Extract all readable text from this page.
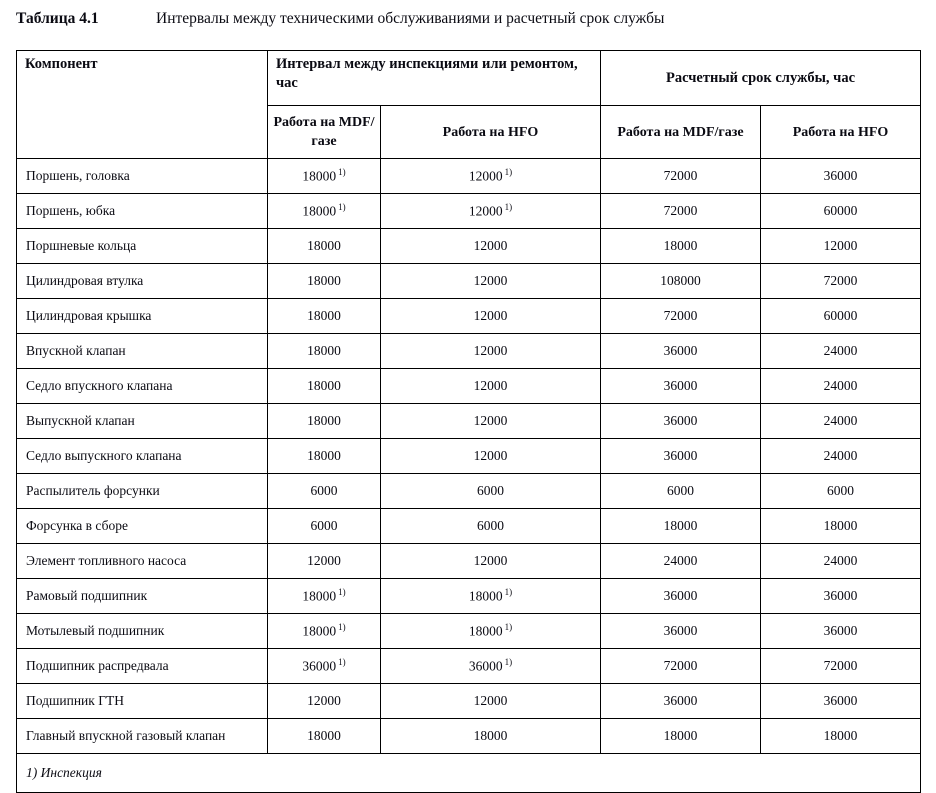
Таблица 4.1	Интервалы между техническими обслуживаниями и расчетный срок службы
Компонент	Интервал между инспекциями или ремонтом, час		Расчетный срок службы, час	
	Работа на MDF/газе	Работа на HFO	Работа на MDF/газе	Работа на HFO
Поршень, головка	18000 $^{1)}$	12000 $^{1)}$	72000	36000
Поршень, юбка	18000 $^{1)}$	12000 $^{1)}$	72000	60000
Поршневые кольца	18000	12000	18000	12000
Цилиндровая втулка	18000	12000	108000	72000
Цилиндровая крышка	18000	12000	72000	60000
Впускной клапан	18000	12000	36000	24000
Седло впускного клапана	18000	12000	36000	24000
Выпускной клапан	18000	12000	36000	24000
Седло выпускного клапана	18000	12000	36000	24000
Распылитель форсунки	6000	6000	6000	6000
Форсунка в сборе	6000	6000	18000	18000
Элемент топливного насоса	12000	12000	24000	24000
Рамовый подшипник	18000 $^{1)}$	18000 $^{1)}$	36000	36000
Мотылевый подшипник	18000 $^{1)}$	18000 $^{1)}$	36000	36000
Подшипник распредвала	36000 $^{1)}$	36000 $^{1)}$	72000	72000
Подшипник ГТН	12000	12000	36000	36000
Главный впускной газовый клапан	18000	18000	18000	18000
1) Инспекция				
